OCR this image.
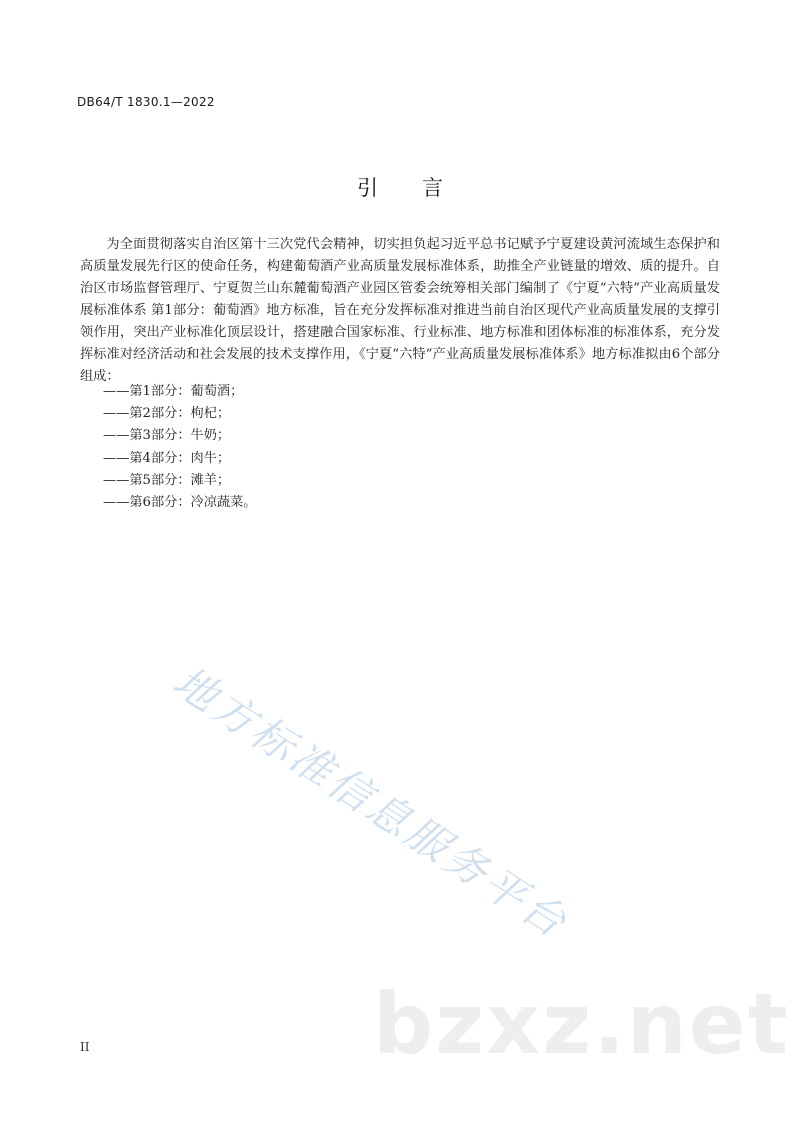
DB64/T 1830.1—2022
引言

为全面贯彻落实自治区第十三次党代会精神，切实担负起习近平总书记赋予宁夏建设黄河流域生态保护和高质量发展先行区的使命任务，构建葡萄酒产业高质量发展标准体系，助推全产业链量的增效、质的提升。自治区市场监督管理厅、宁夏贺兰山东麓葡萄酒产业园区管委会统筹相关部门编制了《宁夏“六特”产业高质量发展标准体系 第1部分：葡萄酒》地方标准，旨在充分发挥标准对推进当前自治区现代产业高质量发展的支撑引领作用，突出产业标准化顶层设计，搭建融合国家标准、行业标准、地方标准和团体标准的标准体系，充分发挥标准对经济活动和社会发展的技术支撑作用，《宁夏“六特”产业高质量发展标准体系》地方标准拟由6个部分组成：

——第1部分：葡萄酒；
——第2部分：枸杞；
——第3部分：牛奶；
——第4部分：肉牛；
——第5部分：滩羊；
——第6部分：冷凉蔬菜。
地方标准信息服务平台
bzxz.net
II
